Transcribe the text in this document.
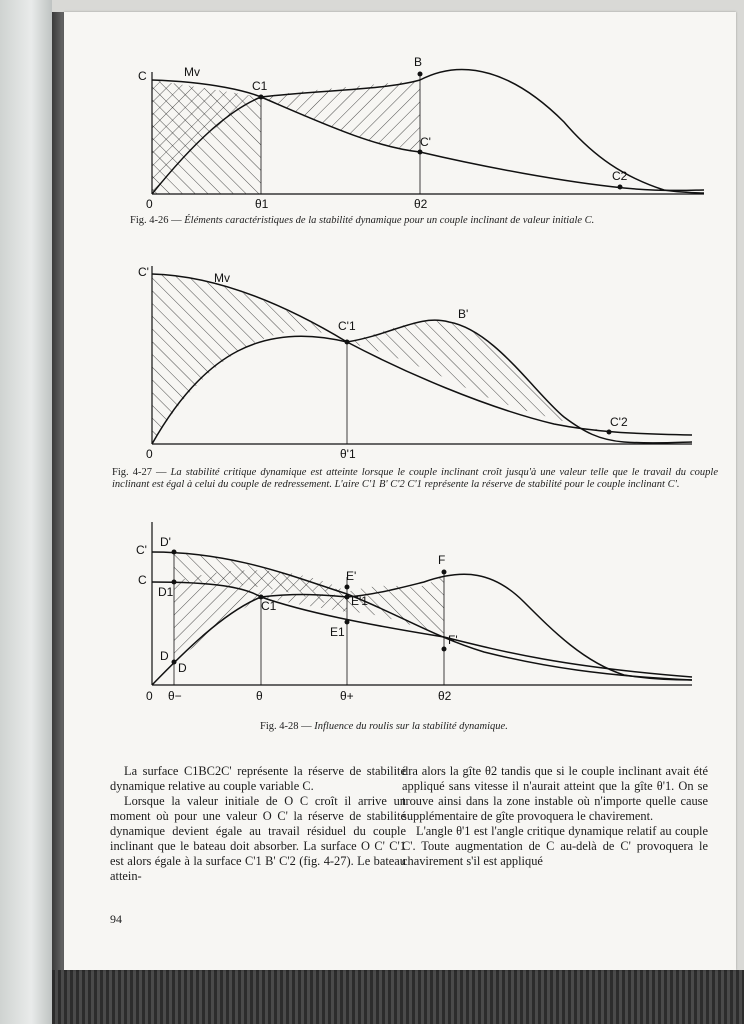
C	Mv
C1
B
C'
C2
0	θ1	θ2
C'	Mv
C'1
B'
C'2
0	θ'1
D'
C'
C
D1
C1
E'
E'1
E1
F
F'
D
D
0 θ−	θ	θ+	θ2
Fig. 4-26 — Éléments caractéristiques de la stabilité dynamique pour un couple inclinant de valeur initiale C.
Fig. 4-27 — La stabilité critique dynamique est atteinte lorsque le couple inclinant croît jusqu'à une valeur telle que le travail du couple inclinant est égal à celui du couple de redressement. L'aire C'1 B' C'2 C'1 représente la réserve de stabilité pour le couple inclinant C'.
Fig. 4-28 — Influence du roulis sur la stabilité dynamique.

La surface C1BC2C' représente la réserve de stabilité dynamique relative au couple variable C.

Lorsque la valeur initiale de O C croît il arrive un moment où pour une valeur O C' la réserve de stabilité dynamique devient égale au travail résiduel du couple inclinant que le bateau doit absorber. La surface O C' C'1 est alors égale à la surface C'1 B' C'2 (fig. 4-27). Le bateau attein-

dra alors la gîte θ2 tandis que si le couple inclinant avait été appliqué sans vitesse il n'aurait atteint que la gîte θ'1. On se trouve ainsi dans la zone instable où n'importe quelle cause supplémentaire de gîte provoquera le chavirement.

L'angle θ'1 est l'angle critique dynamique relatif au couple C'. Toute augmentation de C au-delà de C' provoquera le chavirement s'il est appliqué

94
